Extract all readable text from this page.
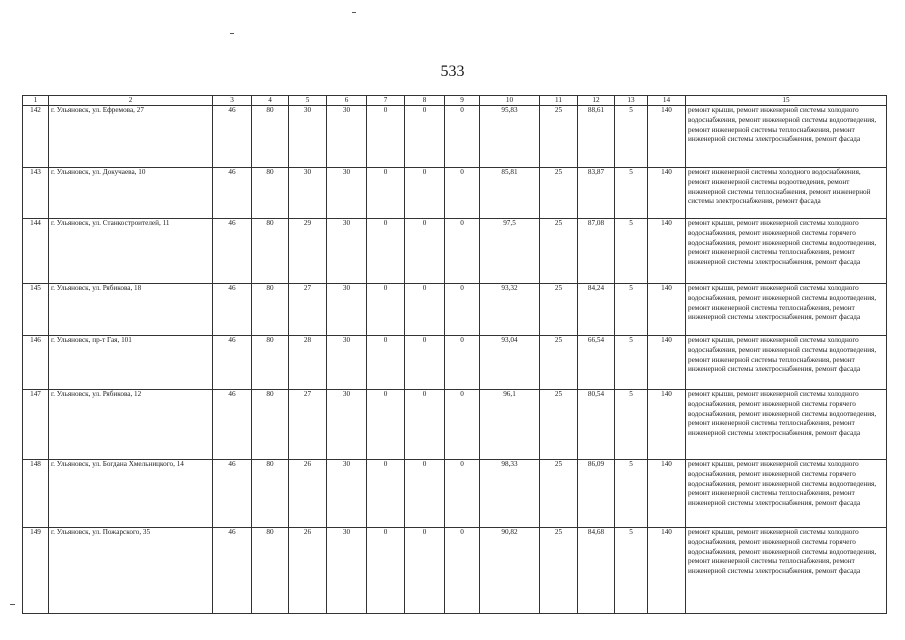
533
1	2	3	4	5	6	7	8	9	10	11	12	13	14	15
142	г. Ульяновск, ул. Ефремова, 27	46	80	30	30	0	0	0	95,83	25	88,61	5	140	ремонт крыши, ремонт инженерной системы холодного водоснабжения, ремонт инженерной системы водоотведения, ремонт инженерной системы теплоснабжения, ремонт инженерной системы электроснабжения, ремонт фасада
143	г. Ульяновск, ул. Докучаева, 10	46	80	30	30	0	0	0	85,81	25	83,87	5	140	ремонт инженерной системы холодного водоснабжения, ремонт инженерной системы водоотведения, ремонт инженерной системы теплоснабжения, ремонт инженерной системы электроснабжения, ремонт фасада
144	г. Ульяновск, ул. Станкостроителей, 11	46	80	29	30	0	0	0	97,5	25	87,08	5	140	ремонт крыши, ремонт инженерной системы холодного водоснабжения, ремонт инженерной системы горячего водоснабжения, ремонт инженерной системы водоотведения, ремонт инженерной системы теплоснабжения, ремонт инженерной системы электроснабжения, ремонт фасада
145	г. Ульяновск, ул. Рябикова, 18	46	80	27	30	0	0	0	93,32	25	84,24	5	140	ремонт крыши, ремонт инженерной системы холодного водоснабжения, ремонт инженерной системы водоотведения, ремонт инженерной системы теплоснабжения, ремонт инженерной системы электроснабжения, ремонт фасада
146	г. Ульяновск, пр-т Гая, 101	46	80	28	30	0	0	0	93,04	25	66,54	5	140	ремонт крыши, ремонт инженерной системы холодного водоснабжения, ремонт инженерной системы водоотведения, ремонт инженерной системы теплоснабжения, ремонт инженерной системы электроснабжения, ремонт фасада
147	г. Ульяновск, ул. Рябикова, 12	46	80	27	30	0	0	0	96,1	25	80,54	5	140	ремонт крыши, ремонт инженерной системы холодного водоснабжения, ремонт инженерной системы горячего водоснабжения, ремонт инженерной системы водоотведения, ремонт инженерной системы теплоснабжения, ремонт инженерной системы электроснабжения, ремонт фасада
148	г. Ульяновск, ул. Богдана Хмельницкого, 14	46	80	26	30	0	0	0	98,33	25	86,09	5	140	ремонт крыши, ремонт инженерной системы холодного водоснабжения, ремонт инженерной системы горячего водоснабжения, ремонт инженерной системы водоотведения, ремонт инженерной системы теплоснабжения, ремонт инженерной системы электроснабжения, ремонт фасада
149	г. Ульяновск, ул. Пожарского, 35	46	80	26	30	0	0	0	90,82	25	84,68	5	140	ремонт крыши, ремонт инженерной системы холодного водоснабжения, ремонт инженерной системы горячего водоснабжения, ремонт инженерной системы водоотведения, ремонт инженерной системы теплоснабжения, ремонт инженерной системы электроснабжения, ремонт фасада
